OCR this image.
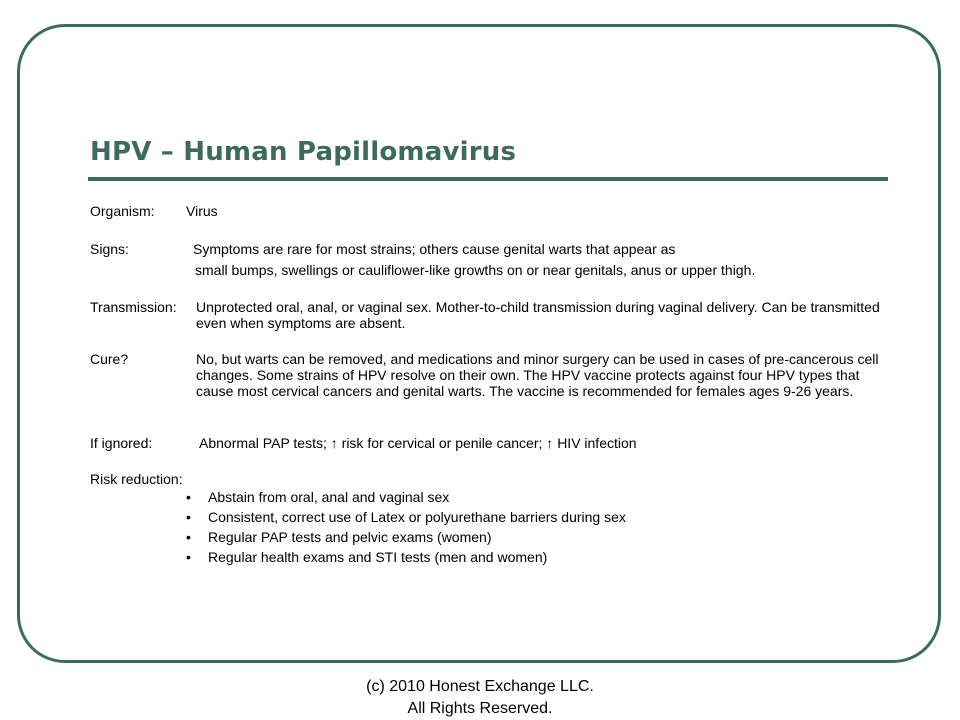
HPV – Human Papillomavirus
Organism: Virus
Signs:	Symptoms are rare for most strains; others cause genital warts that appear as
small bumps, swellings or cauliflower-like growths on or near genitals, anus or upper thigh.
Transmission: Unprotected oral, anal, or vaginal sex. Mother-to-child transmission during vaginal delivery. Can be transmitted even when symptoms are absent.
Cure?	No, but warts can be removed, and medications and minor surgery can be used in cases of pre-cancerous cell changes. Some strains of HPV resolve on their own. The HPV vaccine protects against four HPV types that cause most cervical cancers and genital warts. The vaccine is recommended for females ages 9-26 years.
If ignored:	Abnormal PAP tests; ↑ risk for cervical or penile cancer; ↑ HIV infection
Risk reduction:
• Abstain from oral, anal and vaginal sex
• Consistent, correct use of Latex or polyurethane barriers during sex
• Regular PAP tests and pelvic exams (women)
• Regular health exams and STI tests (men and women)
(c) 2010 Honest Exchange LLC.
All Rights Reserved.
